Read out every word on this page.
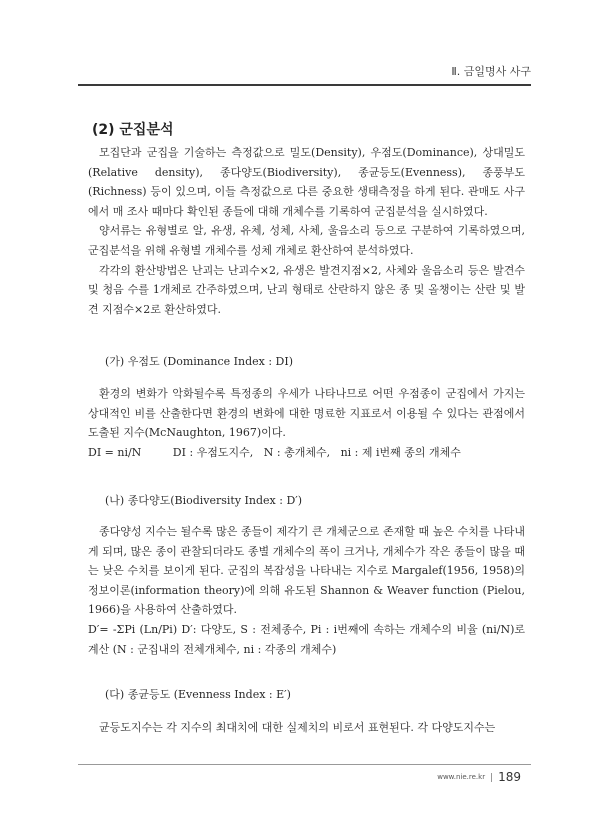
Ⅱ. 금일명사 사구
(2) 군집분석

모집단과 군집을 기술하는 측정값으로 밀도(Density), 우점도(Dominance), 상대밀도(Relative density), 종다양도(Biodiversity), 종균등도(Evenness), 종풍부도(Richness) 등이 있으며, 이들 측정값으로 다른 중요한 생태측정을 하게 된다. 관매도 사구에서 매 조사 때마다 확인된 종들에 대해 개체수를 기록하여 군집분석을 실시하였다.

양서류는 유형별로 알, 유생, 유체, 성체, 사체, 울음소리 등으로 구분하여 기록하였으며, 군집분석을 위해 유형별 개체수를 성체 개체로 환산하여 분석하였다.

각각의 환산방법은 난괴는 난괴수×2, 유생은 발견지점×2, 사체와 울음소리 등은 발견수 및 청음 수를 1개체로 간주하였으며, 난괴 형태로 산란하지 않은 종 및 올챙이는 산란 및 발견 지점수×2로 환산하였다.

(가) 우점도 (Dominance Index : DI)

환경의 변화가 악화될수록 특정종의 우세가 나타나므로 어떤 우점종이 군집에서 가지는 상대적인 비를 산출한다면 환경의 변화에 대한 명료한 지표로서 이용될 수 있다는 관점에서 도출된 지수(McNaughton, 1967)이다.

DI = ni/N         DI : 우점도지수,   N : 총개체수,   ni : 제 i번째 종의 개체수

(나) 종다양도(Biodiversity Index : D′)

종다양성 지수는 될수록 많은 종들이 제각기 큰 개체군으로 존재할 때 높은 수치를 나타내게 되며, 많은 종이 관찰되더라도 종별 개체수의 폭이 크거나, 개체수가 작은 종들이 많을 때는 낮은 수치를 보이게 된다. 군집의 복잡성을 나타내는 지수로 Margalef(1956, 1958)의 정보이론(information theory)에 의해 유도된 Shannon & Weaver function (Pielou, 1966)을 사용하여 산출하였다.

D′= -ΣPi (Ln/Pi) D′: 다양도, S : 전체종수, Pi : i번째에 속하는 개체수의 비율 (ni/N)로 계산 (N : 군집내의 전체개체수, ni : 각종의 개체수)

(다) 종균등도 (Evenness Index : E′)

균등도지수는 각 지수의 최대치에 대한 실제치의 비로서 표현된다. 각 다양도지수는

www.nie.re.kr 189
